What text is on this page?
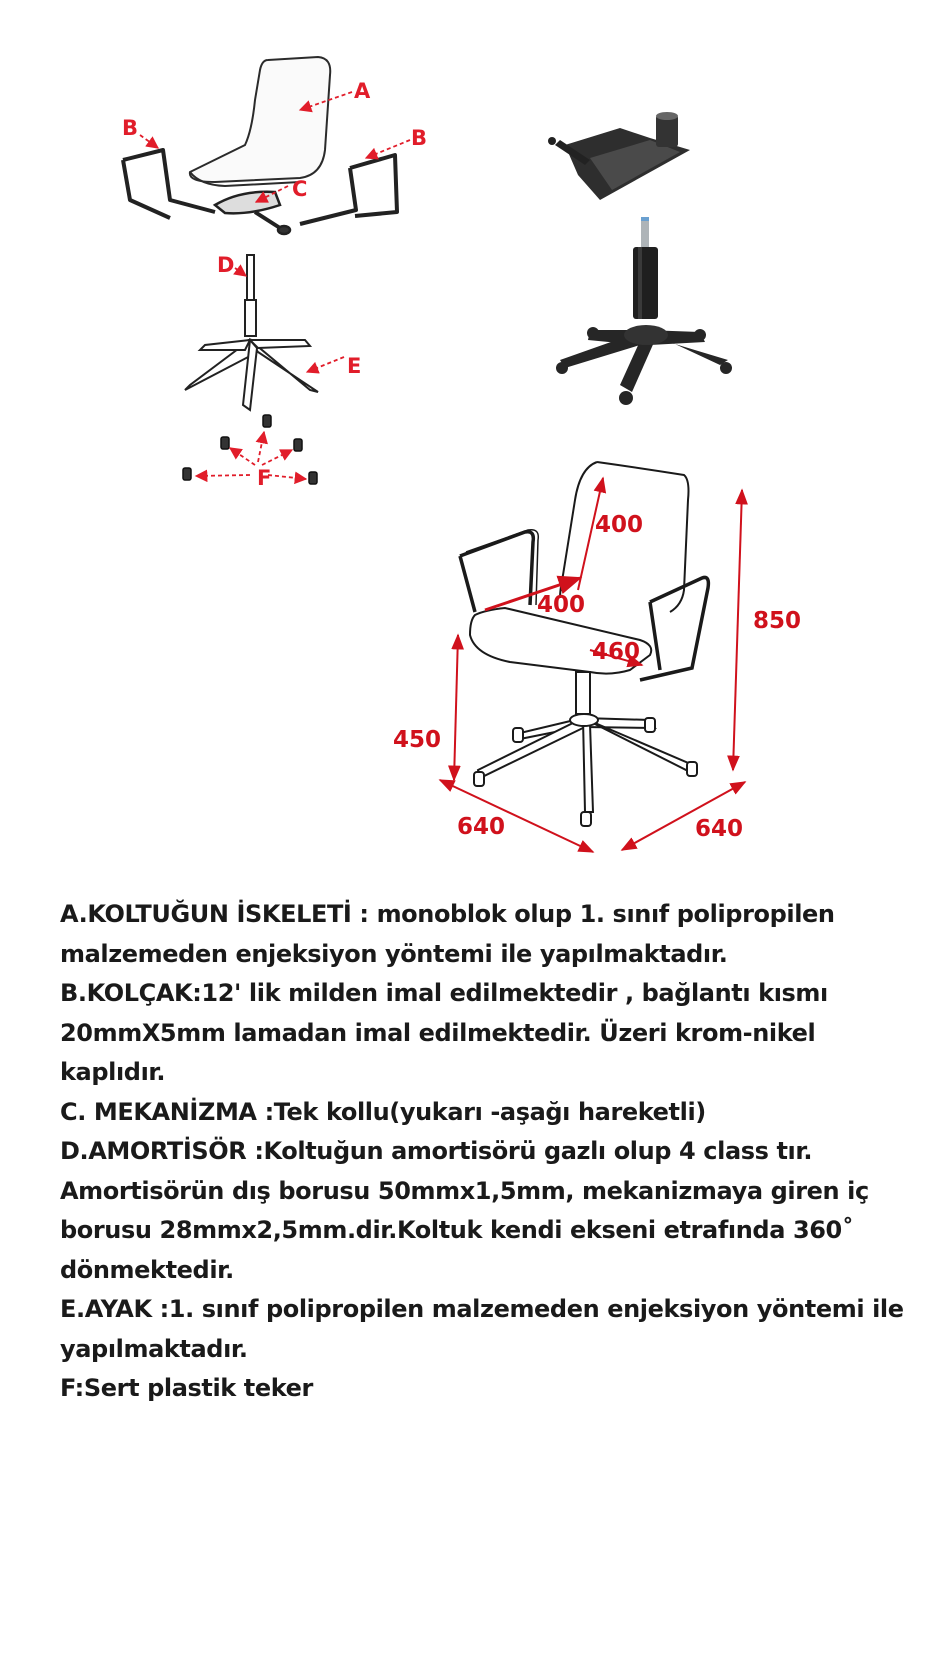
A
B	B
C
D
E
F
400
400
460
850
450
640	640

A.KOLTUĞUN İSKELETİ : monoblok olup 1. sınıf polipropilen

malzemeden enjeksiyon yöntemi ile yapılmaktadır.

B.KOLÇAK:12' lik milden imal edilmektedir , bağlantı kısmı

20mmX5mm lamadan imal edilmektedir. Üzeri krom-nikel

kaplıdır.

C. MEKANİZMA :Tek kollu(yukarı -aşağı hareketli)

D.AMORTİSÖR :Koltuğun amortisörü gazlı olup 4 class tır.

Amortisörün dış borusu 50mmx1,5mm, mekanizmaya giren iç

borusu 28mmx2,5mm.dir.Koltuk kendi ekseni etrafında 360˚

dönmektedir.

E.AYAK :1. sınıf polipropilen malzemeden enjeksiyon yöntemi ile

yapılmaktadır.

F:Sert plastik teker
